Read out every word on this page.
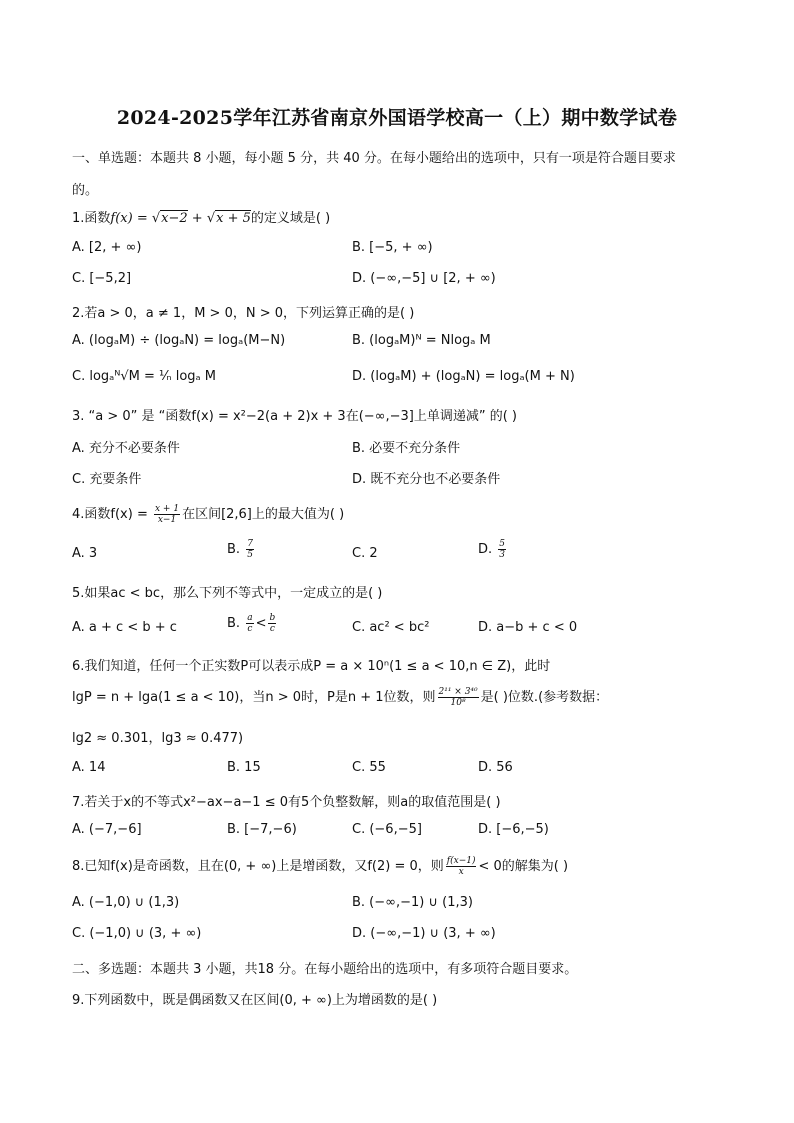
2024-2025学年江苏省南京外国语学校高一（上）期中数学试卷
一、单选题：本题共 8 小题，每小题 5 分，共 40 分。在每小题给出的选项中，只有一项是符合题目要求
的。
1.函数f(x) = √x−2 + √x + 5的定义域是( )
A. [2, + ∞)	B. [−5, + ∞)
C. [−5,2]	D. (−∞,−5] ∪ [2, + ∞)
2.若a > 0，a ≠ 1，M > 0，N > 0，下列运算正确的是( )
A. (logₐM) ÷ (logₐN) = logₐ(M−N)	B. (logₐM)ᴺ = Nlogₐ M
C. logₐᴺ√M = ¹⁄ₙ logₐ M	D. (logₐM) + (logₐN) = logₐ(M + N)
3. “a > 0” 是 “函数f(x) = x²−2(a + 2)x + 3在(−∞,−3]上单调递减” 的( )
A. 充分不必要条件	B. 必要不充分条件
C. 充要条件	D. 既不充分也不必要条件
4.函数$f(x) = \frac{x + 1}{x-1}$ 在区间[2,6]上的最大值为( )
A. 3	B. $\frac{7}{5}$	C. 2	D. $\frac{5}{3}$
5.如果ac < bc，那么下列不等式中，一定成立的是( )
A. a + c < b + c	B. $\frac{a}{c} < \frac{b}{c}$	C. ac² < bc²	D. a−b + c < 0
6.我们知道，任何一个正实数P可以表示成P = a × 10ⁿ(1 ≤ a < 10,n ∈ Z)，此时
lgP = n + lga(1 ≤ a < 10)，当n > 0时，P是n + 1位数，则 $\frac{\text{2¹¹ × 3⁴⁰}}{\text{10⁸}}$ 是( )位数.(参考数据：
lg2 ≈ 0.301，lg3 ≈ 0.477)
A. 14	B. 15	C. 55	D. 56
7.若关于x的不等式x²−ax−a−1 ≤ 0有5个负整数解，则a的取值范围是( )
A. (−7,−6]	B. [−7,−6)	C. (−6,−5]	D. [−6,−5)
8.已知f(x)是奇函数，且在(0, + ∞)上是增函数，又f(2) = 0，则 $\frac{f(x-1)}{x} < 0$的解集为( )
A. (−1,0) ∪ (1,3)	B. (−∞,−1) ∪ (1,3)
C. (−1,0) ∪ (3, + ∞)	D. (−∞,−1) ∪ (3, + ∞)
二、多选题：本题共 3 小题，共18 分。在每小题给出的选项中，有多项符合题目要求。
9.下列函数中，既是偶函数又在区间(0, + ∞)上为增函数的是( )
